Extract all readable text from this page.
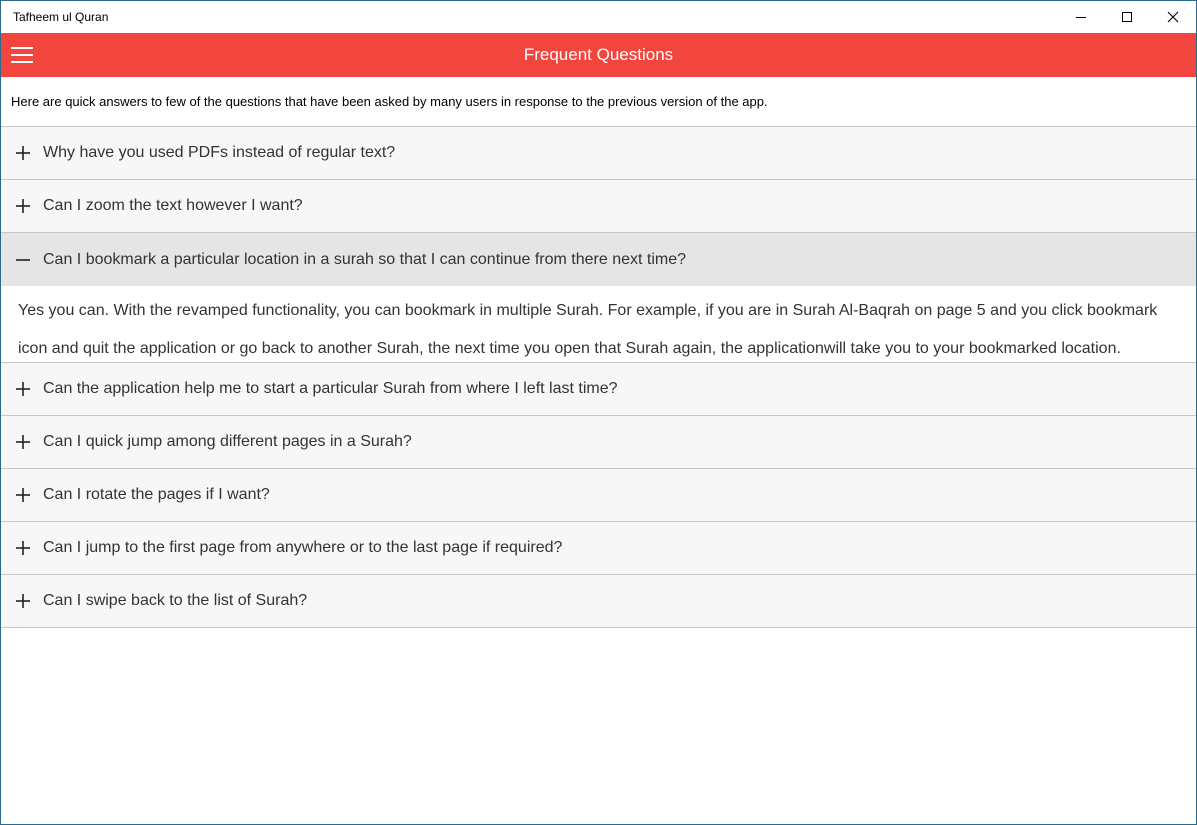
Tafheem ul Quran
Frequent Questions
Here are quick answers to few of the questions that have been asked by many users in response to the previous version of the app.
Why have you used PDFs instead of regular text?
Can I zoom the text however I want?
Can I bookmark a particular location in a surah so that I can continue from there next time?
Yes you can. With the revamped functionality, you can bookmark in multiple Surah. For example, if you are in Surah Al-Baqrah on page 5 and you click bookmark icon and quit the application or go back to another Surah, the next time you open that Surah again, the applicationwill take you to your bookmarked location.
Can the application help me to start a particular Surah from where I left last time?
Can I quick jump among different pages in a Surah?
Can I rotate the pages if I want?
Can I jump to the first page from anywhere or to the last page if required?
Can I swipe back to the list of Surah?
